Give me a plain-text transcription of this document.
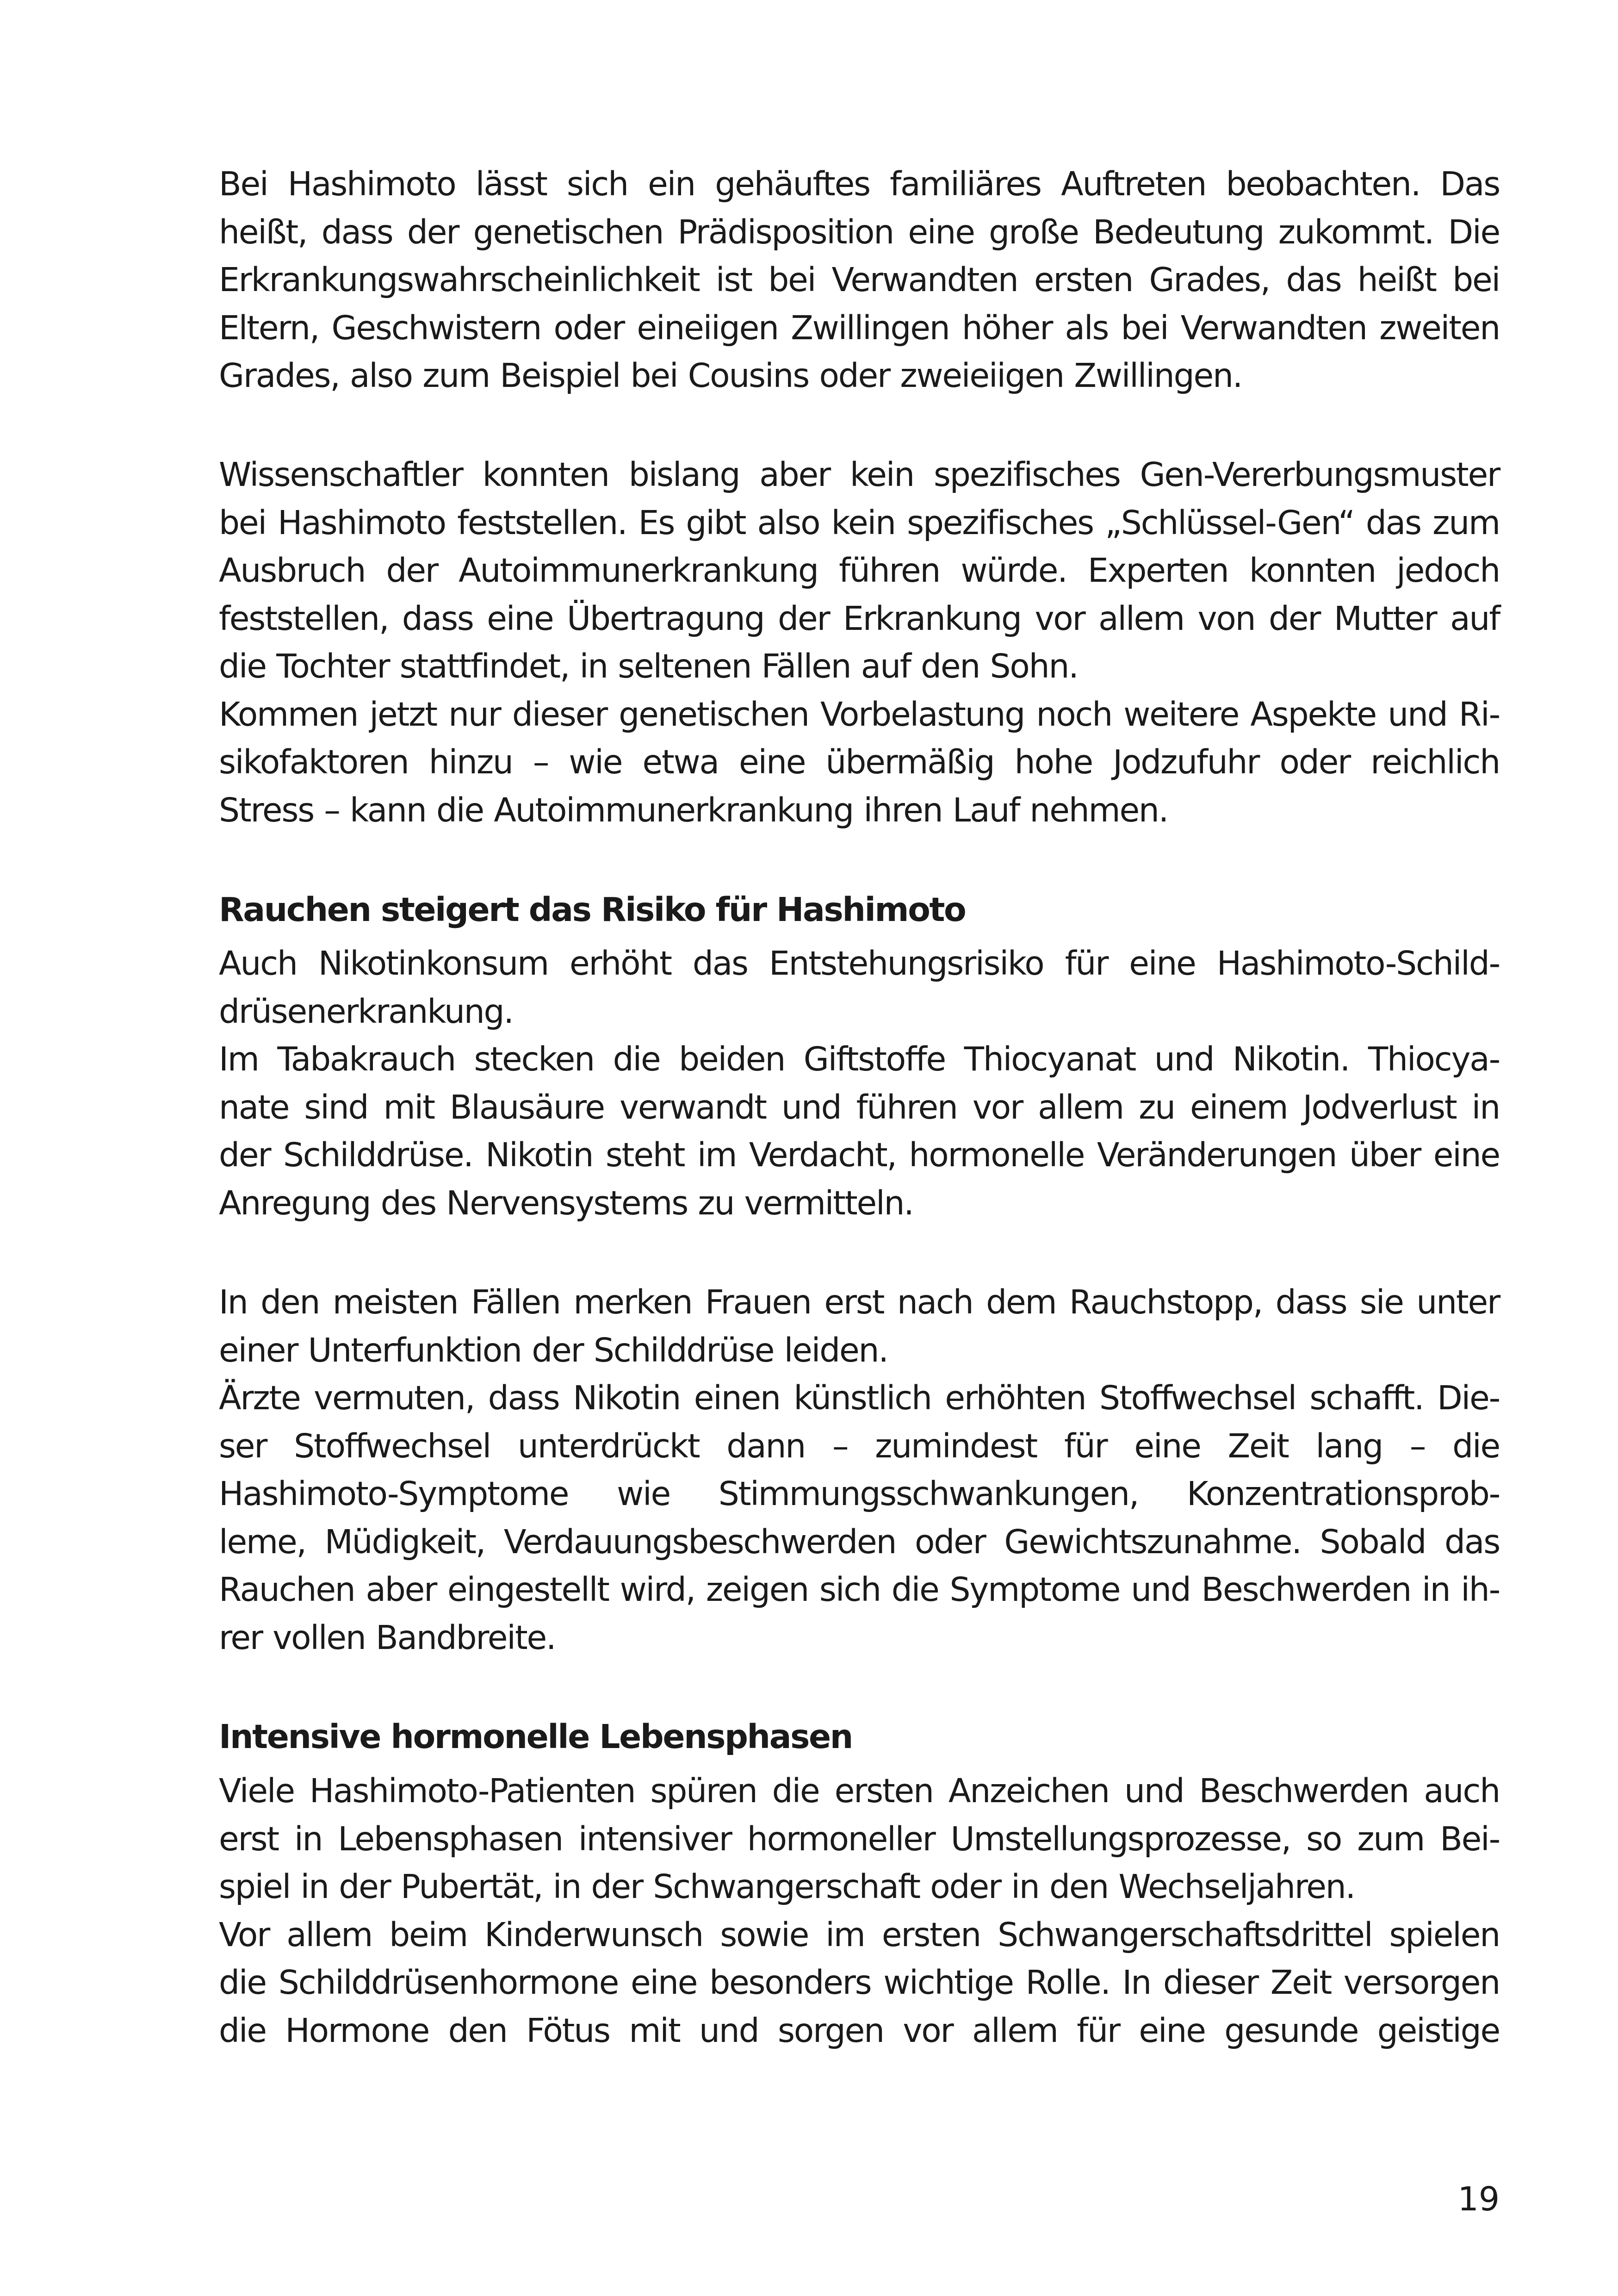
Bei Hashimoto lässt sich ein gehäuftes familiäres Auftreten beobachten. Das
heißt, dass der genetischen Prädisposition eine große Bedeutung zukommt. Die
Erkrankungswahrscheinlichkeit ist bei Verwandten ersten Grades, das heißt bei
Eltern, Geschwistern oder eineiigen Zwillingen höher als bei Verwandten zweiten
Grades, also zum Beispiel bei Cousins oder zweieiigen Zwillingen.
Wissenschaftler konnten bislang aber kein spezifisches Gen-Vererbungsmuster
bei Hashimoto feststellen. Es gibt also kein spezifisches „Schlüssel-Gen“ das zum
Ausbruch der Autoimmunerkrankung führen würde. Experten konnten jedoch
feststellen, dass eine Übertragung der Erkrankung vor allem von der Mutter auf
die Tochter stattfindet, in seltenen Fällen auf den Sohn.
Kommen jetzt nur dieser genetischen Vorbelastung noch weitere Aspekte und Ri-
sikofaktoren hinzu – wie etwa eine übermäßig hohe Jodzufuhr oder reichlich
Stress – kann die Autoimmunerkrankung ihren Lauf nehmen.
Rauchen steigert das Risiko für Hashimoto
Auch Nikotinkonsum erhöht das Entstehungsrisiko für eine Hashimoto-Schild-
drüsenerkrankung.
Im Tabakrauch stecken die beiden Giftstoffe Thiocyanat und Nikotin. Thiocya-
nate sind mit Blausäure verwandt und führen vor allem zu einem Jodverlust in
der Schilddrüse. Nikotin steht im Verdacht, hormonelle Veränderungen über eine
Anregung des Nervensystems zu vermitteln.
In den meisten Fällen merken Frauen erst nach dem Rauchstopp, dass sie unter
einer Unterfunktion der Schilddrüse leiden.
Ärzte vermuten, dass Nikotin einen künstlich erhöhten Stoffwechsel schafft. Die-
ser Stoffwechsel unterdrückt dann – zumindest für eine Zeit lang – die
Hashimoto-Symptome wie Stimmungsschwankungen, Konzentrationsprob-
leme, Müdigkeit, Verdauungsbeschwerden oder Gewichtszunahme. Sobald das
Rauchen aber eingestellt wird, zeigen sich die Symptome und Beschwerden in ih-
rer vollen Bandbreite.
Intensive hormonelle Lebensphasen
Viele Hashimoto-Patienten spüren die ersten Anzeichen und Beschwerden auch
erst in Lebensphasen intensiver hormoneller Umstellungsprozesse, so zum Bei-
spiel in der Pubertät, in der Schwangerschaft oder in den Wechseljahren.
Vor allem beim Kinderwunsch sowie im ersten Schwangerschaftsdrittel spielen
die Schilddrüsenhormone eine besonders wichtige Rolle. In dieser Zeit versorgen
die Hormone den Fötus mit und sorgen vor allem für eine gesunde geistige
19
